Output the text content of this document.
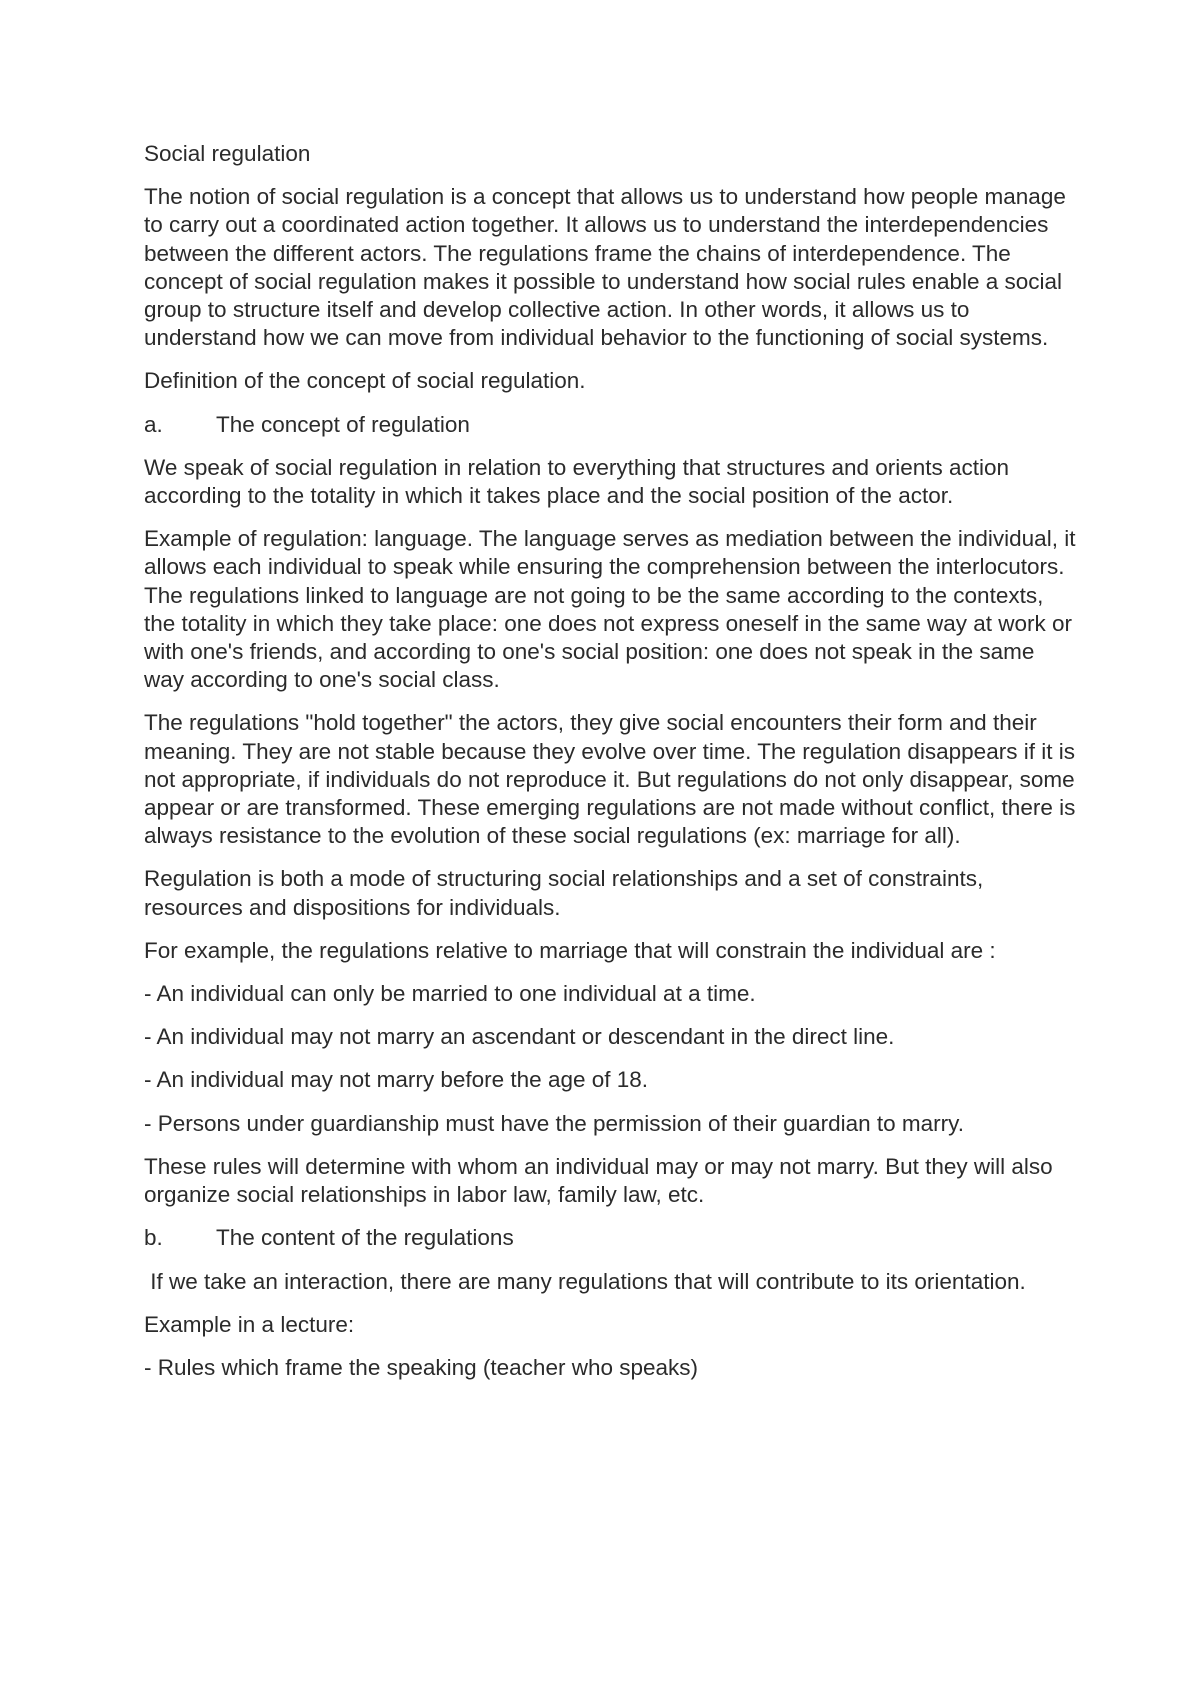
Social regulation

The notion of social regulation is a concept that allows us to understand how people manage to carry out a coordinated action together. It allows us to understand the interdependencies between the different actors. The regulations frame the chains of interdependence. The concept of social regulation makes it possible to understand how social rules enable a social group to structure itself and develop collective action. In other words, it allows us to understand how we can move from individual behavior to the functioning of social systems.

Definition of the concept of social regulation.

a.	The concept of regulation

We speak of social regulation in relation to everything that structures and orients action according to the totality in which it takes place and the social position of the actor.

Example of regulation: language. The language serves as mediation between the individual, it allows each individual to speak while ensuring the comprehension between the interlocutors. The regulations linked to language are not going to be the same according to the contexts, the totality in which they take place: one does not express oneself in the same way at work or with one's friends, and according to one's social position: one does not speak in the same way according to one's social class.

The regulations "hold together" the actors, they give social encounters their form and their meaning. They are not stable because they evolve over time. The regulation disappears if it is not appropriate, if individuals do not reproduce it. But regulations do not only disappear, some appear or are transformed. These emerging regulations are not made without conflict, there is always resistance to the evolution of these social regulations (ex: marriage for all).

Regulation is both a mode of structuring social relationships and a set of constraints, resources and dispositions for individuals.

For example, the regulations relative to marriage that will constrain the individual are :

- An individual can only be married to one individual at a time.

- An individual may not marry an ascendant or descendant in the direct line.

- An individual may not marry before the age of 18.

- Persons under guardianship must have the permission of their guardian to marry.

These rules will determine with whom an individual may or may not marry. But they will also organize social relationships in labor law, family law, etc.

b.	The content of the regulations

If we take an interaction, there are many regulations that will contribute to its orientation.

Example in a lecture:

- Rules which frame the speaking (teacher who speaks)
